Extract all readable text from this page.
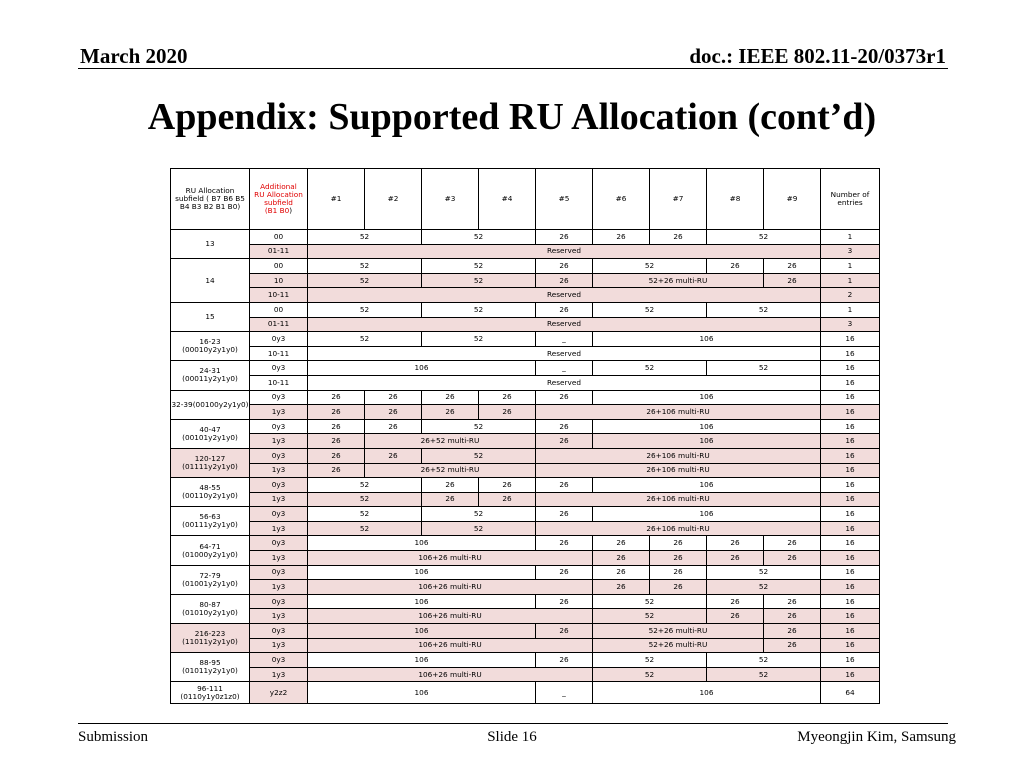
March 2020	doc.: IEEE 802.11-20/0373r1
Appendix: Supported RU Allocation (cont’d)
RU Allocation subfield ( B7 B6 B5 B4 B3 B2 B1 B0)	Additional
RU Allocation
subfield
(B1 B0)	#1	#2	#3	#4	#5	#6	#7	#8	#9	Number of entries
13	00	52		52		26	26	26	52		1
	01-11	Reserved									3
14	00	52		52		26	52		26	26	1
	10	52		52		26	52+26 multi-RU			26	1
	10-11	Reserved									2
15	00	52		52		26	52		52		1
	01-11	Reserved									3
16-23 (00010y2y1y0)	0y3	52		52		_	106				16
	10-11	Reserved									16
24-31 (00011y2y1y0)	0y3	106				_	52		52		16
	10-11	Reserved									16
32-39(00100y2y1y0)	0y3	26	26	26	26	26	106				16
	1y3	26	26	26	26	26+106 multi-RU					16
40-47 (00101y2y1y0)	0y3	26	26	52		26	106				16
	1y3	26	26+52 multi-RU			26	106				16
120-127 (01111y2y1y0)	0y3	26	26	52		26+106 multi-RU					16
	1y3	26	26+52 multi-RU			26+106 multi-RU					16
48-55 (00110y2y1y0)	0y3	52		26	26	26	106				16
	1y3	52		26	26	26+106 multi-RU					16
56-63 (00111y2y1y0)	0y3	52		52		26	106				16
	1y3	52		52		26+106 multi-RU					16
64-71 (01000y2y1y0)	0y3	106				26	26	26	26	26	16
	1y3	106+26 multi-RU					26	26	26	26	16
72-79 (01001y2y1y0)	0y3	106				26	26	26	52		16
	1y3	106+26 multi-RU					26	26	52		16
80-87 (01010y2y1y0)	0y3	106				26	52		26	26	16
	1y3	106+26 multi-RU					52		26	26	16
216-223 (11011y2y1y0)	0y3	106				26	52+26 multi-RU			26	16
	1y3	106+26 multi-RU					52+26 multi-RU			26	16
88-95 (01011y2y1y0)	0y3	106				26	52		52		16
	1y3	106+26 multi-RU					52		52		16
96-111 (0110y1y0z1z0)	y2z2	106				_	106				64
Submission	Slide 16	Myeongjin Kim, Samsung
